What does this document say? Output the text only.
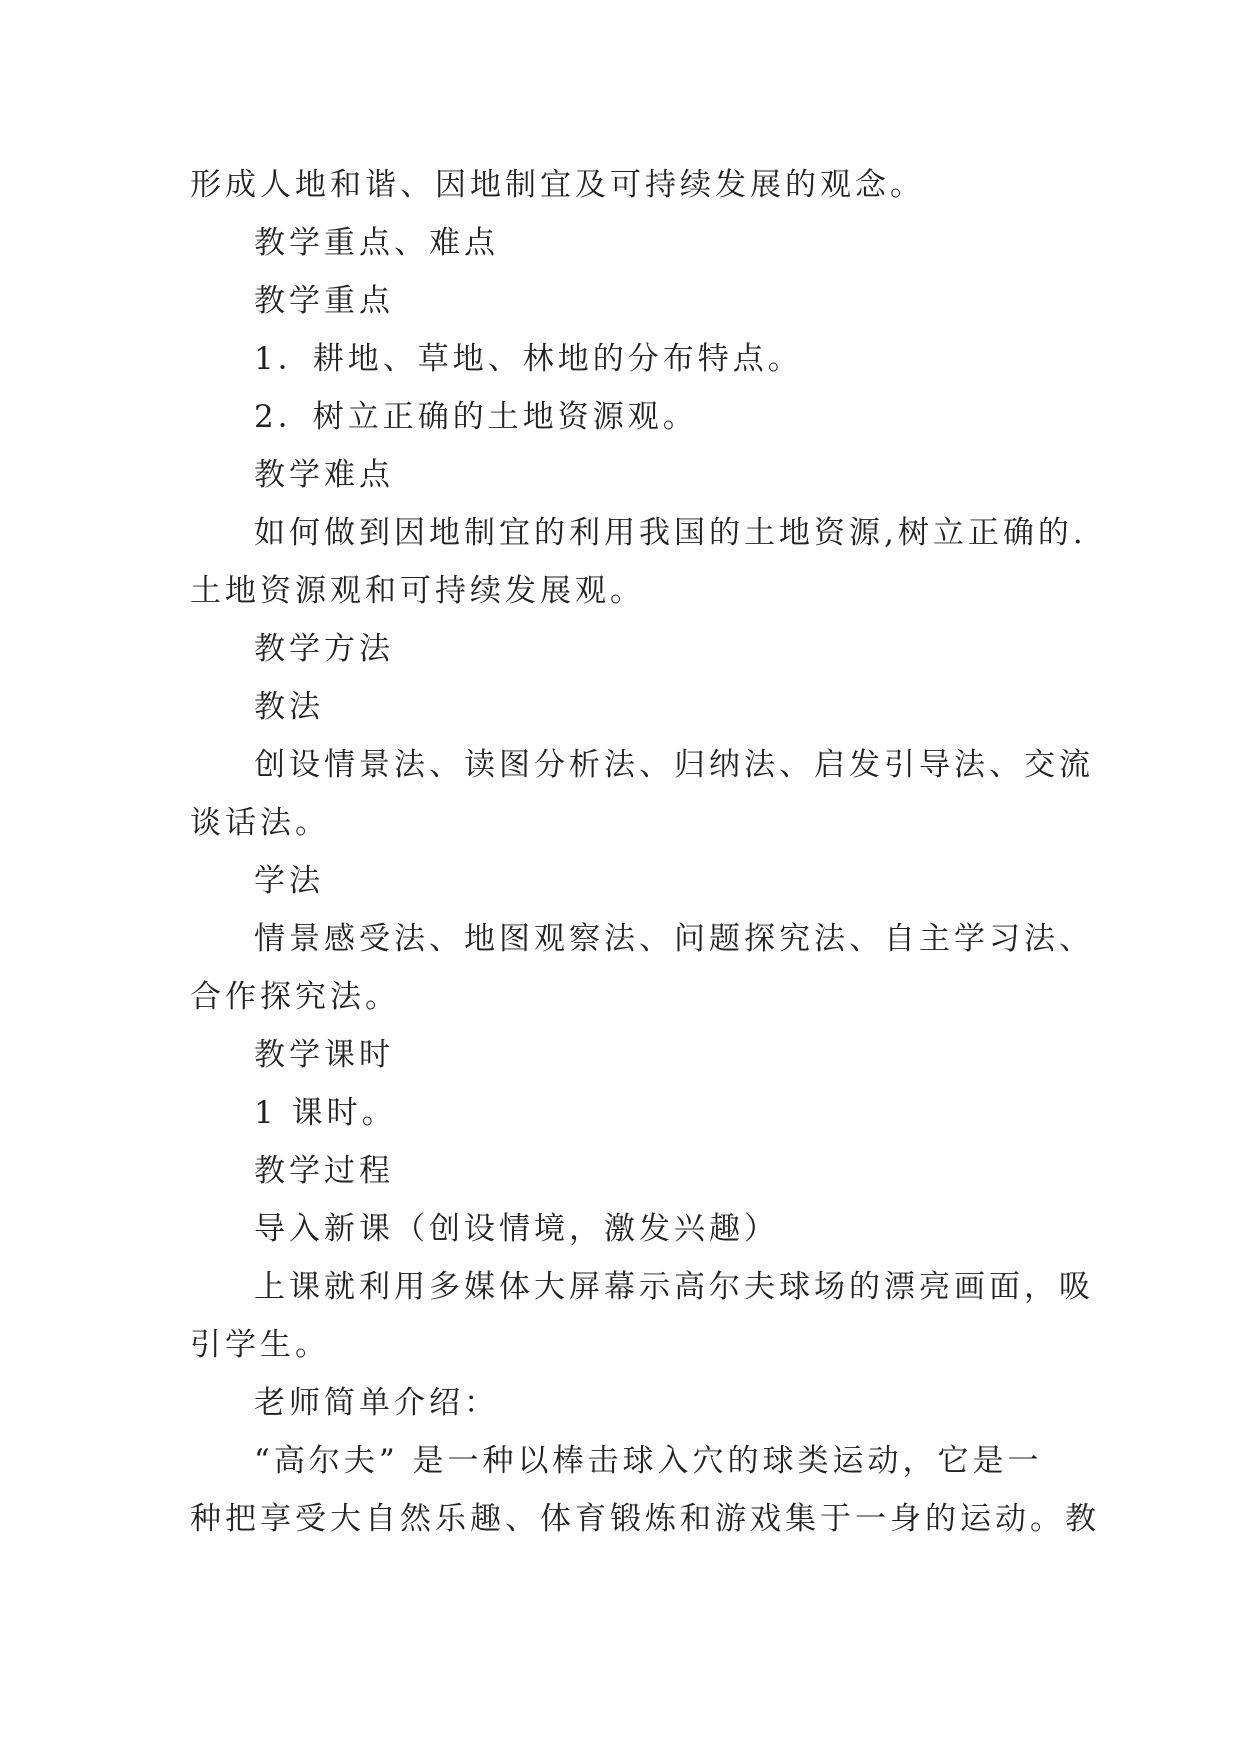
形成人地和谐、因地制宜及可持续发展的观念。
教学重点、难点
教学重点
1．耕地、草地、林地的分布特点。
2．树立正确的土地资源观。
教学难点
如何做到因地制宜的利用我国的土地资源,树立正确的.
土地资源观和可持续发展观。
教学方法
教法
创设情景法、读图分析法、归纳法、启发引导法、交流
谈话法。
学法
情景感受法、地图观察法、问题探究法、自主学习法、
合作探究法。
教学课时
1 课时。
教学过程
导入新课（创设情境，激发兴趣）
上课就利用多媒体大屏幕示高尔夫球场的漂亮画面，吸
引学生。
老师简单介绍：
“高尔夫” 是一种以棒击球入穴的球类运动，它是一
种把享受大自然乐趣、体育锻炼和游戏集于一身的运动。教
